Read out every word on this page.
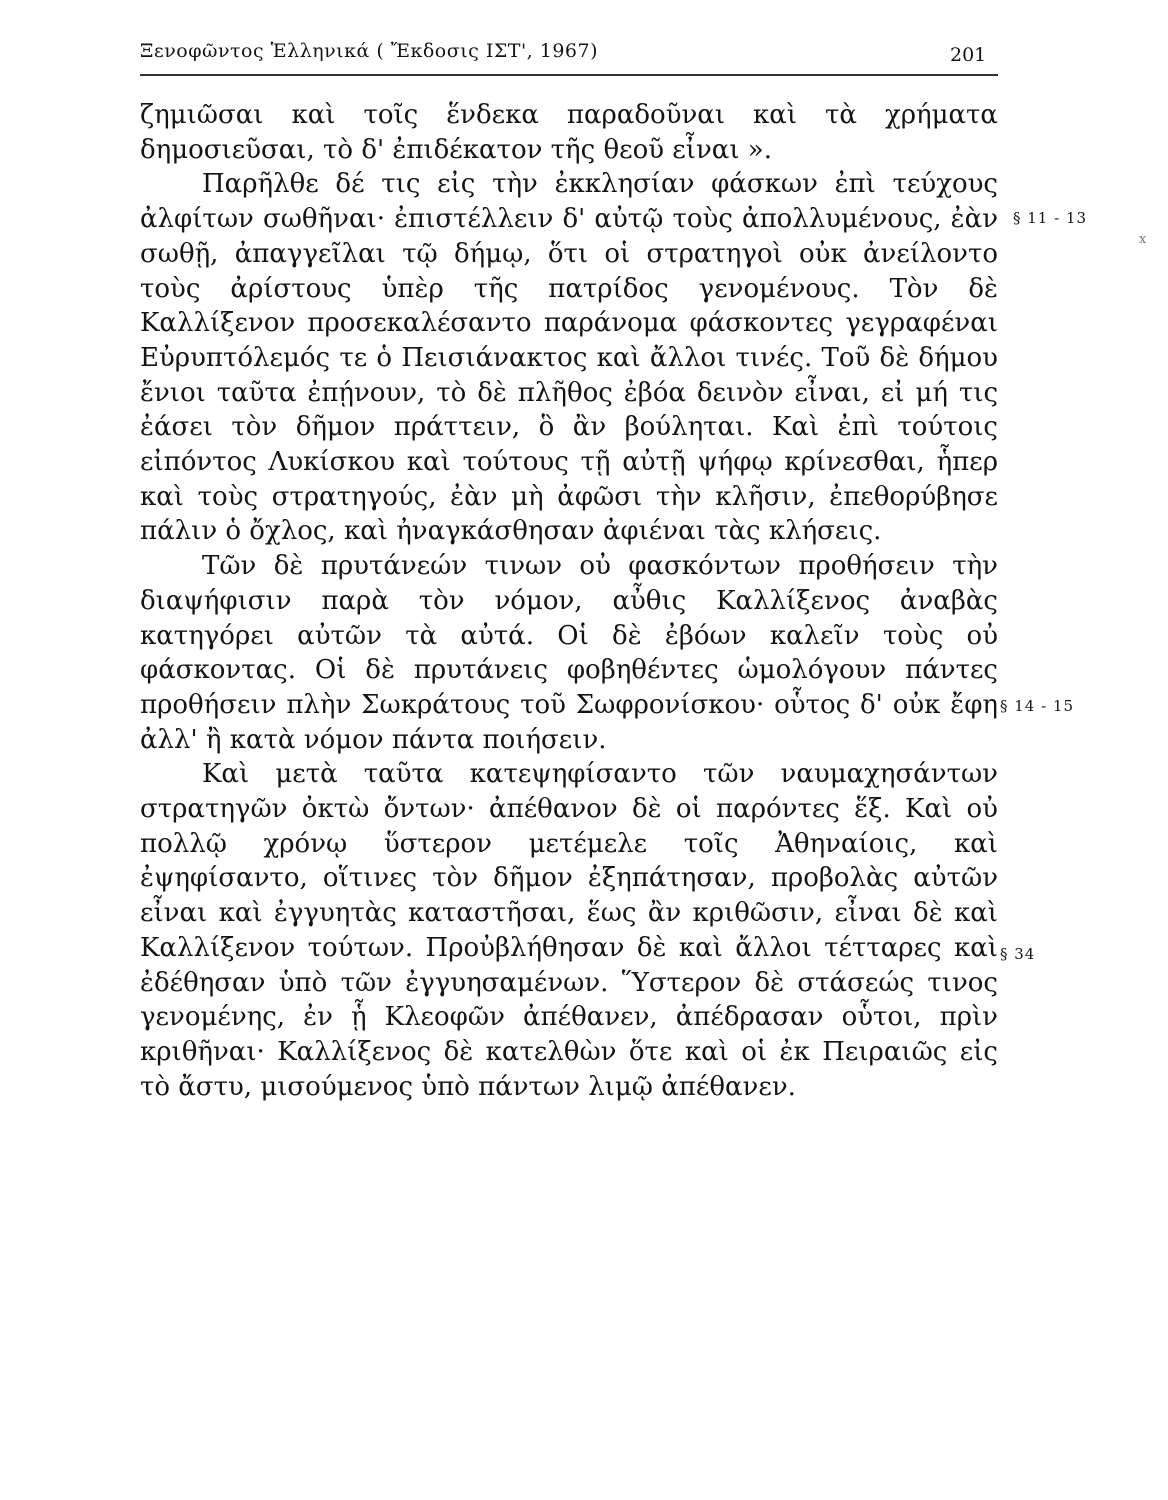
Ξενοφῶντος Ἑλληνικά ( Ἔκδοσις ΙΣΤ', 1967)	201

ζημιῶσαι καὶ τοῖς ἕνδεκα παραδοῦναι καὶ τὰ χρήματα δημοσιεῦσαι, τὸ δ' ἐπιδέκατον τῆς θεοῦ εἶναι ».

Παρῆλθε δέ τις εἰς τὴν ἐκκλησίαν φάσκων ἐπὶ τεύχους ἀλφίτων σωθῆναι· ἐπιστέλλειν δ' αὐτῷ τοὺς ἀπολλυμένους, ἐὰν σωθῇ, ἀπαγγεῖλαι τῷ δήμῳ, ὅτι οἱ στρατηγοὶ οὐκ ἀνείλοντο τοὺς ἀρίστους ὑπὲρ τῆς πατρίδος γενομένους. Τὸν δὲ Καλλίξενον προσεκαλέσαντο παράνομα φάσκοντες γεγραφέναι Εὐρυπτόλεμός τε ὁ Πεισιάνακτος καὶ ἄλλοι τινές. Τοῦ δὲ δήμου ἔνιοι ταῦτα ἐπῄνουν, τὸ δὲ πλῆθος ἐβόα δεινὸν εἶναι, εἰ μή τις ἐάσει τὸν δῆμον πράττειν, ὃ ἂν βούληται. Καὶ ἐπὶ τούτοις εἰπόντος Λυκίσκου καὶ τούτους τῇ αὐτῇ ψήφῳ κρίνεσθαι, ἧπερ καὶ τοὺς στρατηγούς, ἐὰν μὴ ἀφῶσι τὴν κλῆσιν, ἐπεθορύβησε πάλιν ὁ ὄχλος, καὶ ἠναγκάσθησαν ἀφιέναι τὰς κλήσεις.

Τῶν δὲ πρυτάνεών τινων οὐ φασκόντων προθήσειν τὴν διαψήφισιν παρὰ τὸν νόμον, αὖθις Καλλίξενος ἀναβὰς κατηγόρει αὐτῶν τὰ αὐτά. Οἱ δὲ ἐβόων καλεῖν τοὺς οὐ φάσκοντας. Οἱ δὲ πρυτάνεις φοβηθέντες ὡμολόγουν πάντες προθήσειν πλὴν Σωκράτους τοῦ Σωφρονίσκου· οὗτος δ' οὐκ ἔφη ἀλλ' ἢ κατὰ νόμον πάντα ποιήσειν.

Καὶ μετὰ ταῦτα κατεψηφίσαντο τῶν ναυμαχησάντων στρατηγῶν ὀκτὼ ὄντων· ἀπέθανον δὲ οἱ παρόντες ἕξ. Καὶ οὐ πολλῷ χρόνῳ ὕστερον μετέμελε τοῖς Ἀθηναίοις, καὶ ἐψηφίσαντο, οἵτινες τὸν δῆμον ἐξηπάτησαν, προβολὰς αὐτῶν εἶναι καὶ ἐγγυητὰς καταστῆσαι, ἕως ἂν κριθῶσιν, εἶναι δὲ καὶ Καλλίξενον τούτων. Προὐβλήθησαν δὲ καὶ ἄλλοι τέτταρες καὶ ἐδέθησαν ὑπὸ τῶν ἐγγυησαμένων. Ὕστερον δὲ στάσεώς τινος γενομένης, ἐν ᾗ Κλεοφῶν ἀπέθανεν, ἀπέδρασαν οὗτοι, πρὶν κριθῆναι· Καλλίξενος δὲ κατελθὼν ὅτε καὶ οἱ ἐκ Πειραιῶς εἰς τὸ ἄστυ, μισούμενος ὑπὸ πάντων λιμῷ ἀπέθανεν.

§ 11 - 13
§ 14 - 15
§ 34
x
